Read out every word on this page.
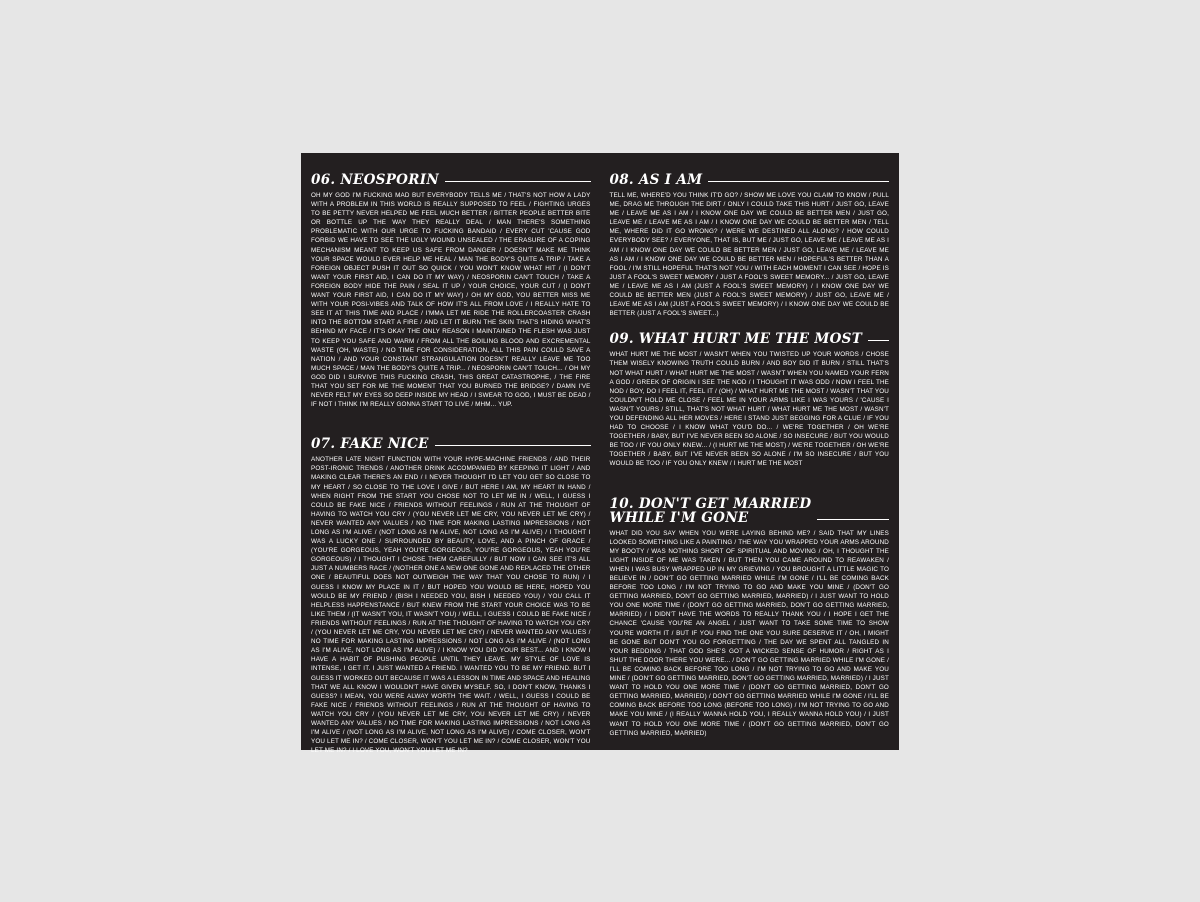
06. NEOSPORIN

OH MY GOD I'M FUCKING MAD BUT EVERYBODY TELLS ME / THAT'S NOT HOW A LADY WITH A PROBLEM IN THIS WORLD IS REALLY SUPPOSED TO FEEL / FIGHTING URGES TO BE PETTY NEVER HELPED ME FEEL MUCH BETTER / BITTER PEOPLE BETTER BITE OR BOTTLE UP THE WAY THEY REALLY DEAL / MAN THERE'S SOMETHING PROBLEMATIC WITH OUR URGE TO FUCKING BANDAID / EVERY CUT 'CAUSE GOD FORBID WE HAVE TO SEE THE UGLY WOUND UNSEALED / THE ERASURE OF A COPING MECHANISM MEANT TO KEEP US SAFE FROM DANGER / DOESN'T MAKE ME THINK YOUR SPACE WOULD EVER HELP ME HEAL / MAN THE BODY'S QUITE A TRIP / TAKE A FOREIGN OBJECT PUSH IT OUT SO QUICK / YOU WON'T KNOW WHAT HIT / (I DON'T WANT YOUR FIRST AID, I CAN DO IT MY WAY) / NEOSPORIN CAN'T TOUCH / TAKE A FOREIGN BODY HIDE THE PAIN / SEAL IT UP / YOUR CHOICE, YOUR CUT / (I DON'T WANT YOUR FIRST AID, I CAN DO IT MY WAY) / OH MY GOD, YOU BETTER MISS ME WITH YOUR POSI-VIBES AND TALK OF HOW IT'S ALL FROM LOVE / I REALLY HATE TO SEE IT AT THIS TIME AND PLACE / I'MMA LET ME RIDE THE ROLLERCOASTER CRASH INTO THE BOTTOM START A FIRE / AND LET IT BURN THE SKIN THAT'S HIDING WHAT'S BEHIND MY FACE / IT'S OKAY THE ONLY REASON I MAINTAINED THE FLESH WAS JUST TO KEEP YOU SAFE AND WARM / FROM ALL THE BOILING BLOOD AND EXCREMENTAL WASTE (OH, WASTE) / NO TIME FOR CONSIDERATION, ALL THIS PAIN COULD SAVE A NATION / AND YOUR CONSTANT STRANGULATION DOESN'T REALLY LEAVE ME TOO MUCH SPACE / MAN THE BODY'S QUITE A TRIP... / NEOSPORIN CAN'T TOUCH... / OH MY GOD DID I SURVIVE THIS FUCKING CRASH, THIS GREAT CATASTROPHE, / THE FIRE THAT YOU SET FOR ME THE MOMENT THAT YOU BURNED THE BRIDGE? / DAMN I'VE NEVER FELT MY EYES SO DEEP INSIDE MY HEAD / I SWEAR TO GOD, I MUST BE DEAD / IF NOT I THINK I'M REALLY GONNA START TO LIVE / MHM... YUP.

07. FAKE NICE

ANOTHER LATE NIGHT FUNCTION WITH YOUR HYPE-MACHINE FRIENDS / AND THEIR POST-IRONIC TRENDS / ANOTHER DRINK ACCOMPANIED BY KEEPING IT LIGHT / AND MAKING CLEAR THERE'S AN END / I NEVER THOUGHT I'D LET YOU GET SO CLOSE TO MY HEART / SO CLOSE TO THE LOVE I GIVE / BUT HERE I AM, MY HEART IN HAND / WHEN RIGHT FROM THE START YOU CHOSE NOT TO LET ME IN / WELL, I GUESS I COULD BE FAKE NICE / FRIENDS WITHOUT FEELINGS / RUN AT THE THOUGHT OF HAVING TO WATCH YOU CRY / (YOU NEVER LET ME CRY, YOU NEVER LET ME CRY) / NEVER WANTED ANY VALUES / NO TIME FOR MAKING LASTING IMPRESSIONS / NOT LONG AS I'M ALIVE / (NOT LONG AS I'M ALIVE, NOT LONG AS I'M ALIVE) / I THOUGHT I WAS A LUCKY ONE / SURROUNDED BY BEAUTY, LOVE, AND A PINCH OF GRACE / (YOU'RE GORGEOUS, YEAH YOU'RE GORGEOUS, YOU'RE GORGEOUS, YEAH YOU'RE GORGEOUS) / I THOUGHT I CHOSE THEM CAREFULLY / BUT NOW I CAN SEE IT'S ALL JUST A NUMBERS RACE / (NOTHER ONE A NEW ONE GONE AND REPLACED THE OTHER ONE / BEAUTIFUL DOES NOT OUTWEIGH THE WAY THAT YOU CHOSE TO RUN) / I GUESS I KNOW MY PLACE IN IT / BUT HOPED YOU WOULD BE HERE, HOPED YOU WOULD BE MY FRIEND / (BISH I NEEDED YOU, BISH I NEEDED YOU) / YOU CALL IT HELPLESS HAPPENSTANCE / BUT KNEW FROM THE START YOUR CHOICE WAS TO BE LIKE THEM / (IT WASN'T YOU, IT WASN'T YOU) / WELL, I GUESS I COULD BE FAKE NICE / FRIENDS WITHOUT FEELINGS / RUN AT THE THOUGHT OF HAVING TO WATCH YOU CRY / (YOU NEVER LET ME CRY, YOU NEVER LET ME CRY) / NEVER WANTED ANY VALUES / NO TIME FOR MAKING LASTING IMPRESSIONS / NOT LONG AS I'M ALIVE / (NOT LONG AS I'M ALIVE, NOT LONG AS I'M ALIVE) / I KNOW YOU DID YOUR BEST... AND I KNOW I HAVE A HABIT OF PUSHING PEOPLE UNTIL THEY LEAVE. MY STYLE OF LOVE IS INTENSE, I GET IT. I JUST WANTED A FRIEND. I WANTED YOU TO BE MY FRIEND. BUT I GUESS IT WORKED OUT BECAUSE IT WAS A LESSON IN TIME AND SPACE AND HEALING THAT WE ALL KNOW I WOULDN'T HAVE GIVEN MYSELF. SO, I DON'T KNOW, THANKS I GUESS? I MEAN, YOU WERE ALWAY WORTH THE WAIT. / WELL, I GUESS I COULD BE FAKE NICE / FRIENDS WITHOUT FEELINGS / RUN AT THE THOUGHT OF HAVING TO WATCH YOU CRY / (YOU NEVER LET ME CRY, YOU NEVER LET ME CRY) / NEVER WANTED ANY VALUES / NO TIME FOR MAKING LASTING IMPRESSIONS / NOT LONG AS I'M ALIVE / (NOT LONG AS I'M ALIVE, NOT LONG AS I'M ALIVE) / COME CLOSER, WON'T YOU LET ME IN? / COME CLOSER, WON'T YOU LET ME IN? / COME CLOSER, WON'T YOU LET ME IN? / I LOVE YOU, WON'T YOU LET ME IN?

08. AS I AM

TELL ME, WHERE'D YOU THINK IT'D GO? / SHOW ME LOVE YOU CLAIM TO KNOW / PULL ME, DRAG ME THROUGH THE DIRT / ONLY I COULD TAKE THIS HURT / JUST GO, LEAVE ME / LEAVE ME AS I AM / I KNOW ONE DAY WE COULD BE BETTER MEN / JUST GO, LEAVE ME / LEAVE ME AS I AM / I KNOW ONE DAY WE COULD BE BETTER MEN / TELL ME, WHERE DID IT GO WRONG? / WERE WE DESTINED ALL ALONG? / HOW COULD EVERYBODY SEE? / EVERYONE, THAT IS, BUT ME / JUST GO, LEAVE ME / LEAVE ME AS I AM / I KNOW ONE DAY WE COULD BE BETTER MEN / JUST GO, LEAVE ME / LEAVE ME AS I AM / I KNOW ONE DAY WE COULD BE BETTER MEN / HOPEFUL'S BETTER THAN A FOOL / I'M STILL HOPEFUL THAT'S NOT YOU / WITH EACH MOMENT I CAN SEE / HOPE IS JUST A FOOL'S SWEET MEMORY / JUST A FOOL'S SWEET MEMORY... / JUST GO, LEAVE ME / LEAVE ME AS I AM (JUST A FOOL'S SWEET MEMORY) / I KNOW ONE DAY WE COULD BE BETTER MEN (JUST A FOOL'S SWEET MEMORY) / JUST GO, LEAVE ME / LEAVE ME AS I AM (JUST A FOOL'S SWEET MEMORY) / I KNOW ONE DAY WE COULD BE BETTER (JUST A FOOL'S SWEET...)

09. WHAT HURT ME THE MOST

WHAT HURT ME THE MOST / WASN'T WHEN YOU TWISTED UP YOUR WORDS / CHOSE THEM WISELY KNOWING TRUTH COULD BURN / AND BOY DID IT BURN / STILL THAT'S NOT WHAT HURT / WHAT HURT ME THE MOST / WASN'T WHEN YOU NAMED YOUR FERN A GOD / GREEK OF ORIGIN I SEE THE NOD / I THOUGHT IT WAS ODD / NOW I FEEL THE NOD / BOY, DO I FEEL IT, FEEL IT / (OH) / WHAT HURT ME THE MOST / WASN'T THAT YOU COULDN'T HOLD ME CLOSE / FEEL ME IN YOUR ARMS LIKE I WAS YOURS / 'CAUSE I WASN'T YOURS / STILL, THAT'S NOT WHAT HURT / WHAT HURT ME THE MOST / WASN'T YOU DEFENDING ALL HER MOVES / HERE I STAND JUST BEGGING FOR A CLUE / IF YOU HAD TO CHOOSE / I KNOW WHAT YOU'D DO... / WE'RE TOGETHER / OH WE'RE TOGETHER / BABY, BUT I'VE NEVER BEEN SO ALONE / SO INSECURE / BUT YOU WOULD BE TOO / IF YOU ONLY KNEW... / (I HURT ME THE MOST) / WE'RE TOGETHER / OH WE'RE TOGETHER / BABY, BUT I'VE NEVER BEEN SO ALONE / I'M SO INSECURE / BUT YOU WOULD BE TOO / IF YOU ONLY KNEW / I HURT ME THE MOST

10. DON'T GET MARRIED
WHILE I'M GONE

WHAT DID YOU SAY WHEN YOU WERE LAYING BEHIND ME? / SAID THAT MY LINES LOOKED SOMETHING LIKE A PAINTING / THE WAY YOU WRAPPED YOUR ARMS AROUND MY BOOTY / WAS NOTHING SHORT OF SPIRITUAL AND MOVING / OH, I THOUGHT THE LIGHT INSIDE OF ME WAS TAKEN / BUT THEN YOU CAME AROUND TO REAWAKEN / WHEN I WAS BUSY WRAPPED UP IN MY GRIEVING / YOU BROUGHT A LITTLE MAGIC TO BELIEVE IN / DON'T GO GETTING MARRIED WHILE I'M GONE / I'LL BE COMING BACK BEFORE TOO LONG / I'M NOT TRYING TO GO AND MAKE YOU MINE / (DON'T GO GETTING MARRIED, DON'T GO GETTING MARRIED, MARRIED) / I JUST WANT TO HOLD YOU ONE MORE TIME / (DON'T GO GETTING MARRIED, DON'T GO GETTING MARRIED, MARRIED) / I DIDN'T HAVE THE WORDS TO REALLY THANK YOU / I HOPE I GET THE CHANCE 'CAUSE YOU'RE AN ANGEL / JUST WANT TO TAKE SOME TIME TO SHOW YOU'RE WORTH IT / BUT IF YOU FIND THE ONE YOU SURE DESERVE IT / OH, I MIGHT BE GONE BUT DON'T YOU GO FORGETTING / THE DAY WE SPENT ALL TANGLED IN YOUR BEDDING / THAT GOD SHE'S GOT A WICKED SENSE OF HUMOR / RIGHT AS I SHUT THE DOOR THERE YOU WERE... / DON'T GO GETTING MARRIED WHILE I'M GONE / I'LL BE COMING BACK BEFORE TOO LONG / I'M NOT TRYING TO GO AND MAKE YOU MINE / (DON'T GO GETTING MARRIED, DON'T GO GETTING MARRIED, MARRIED) / I JUST WANT TO HOLD YOU ONE MORE TIME / (DON'T GO GETTING MARRIED, DON'T GO GETTING MARRIED, MARRIED) / DON'T GO GETTING MARRIED WHILE I'M GONE / I'LL BE COMING BACK BEFORE TOO LONG (BEFORE TOO LONG) / I'M NOT TRYING TO GO AND MAKE YOU MINE / (I REALLY WANNA HOLD YOU, I REALLY WANNA HOLD YOU) / I JUST WANT TO HOLD YOU ONE MORE TIME / (DON'T GO GETTING MARRIED, DON'T GO GETTING MARRIED, MARRIED)
